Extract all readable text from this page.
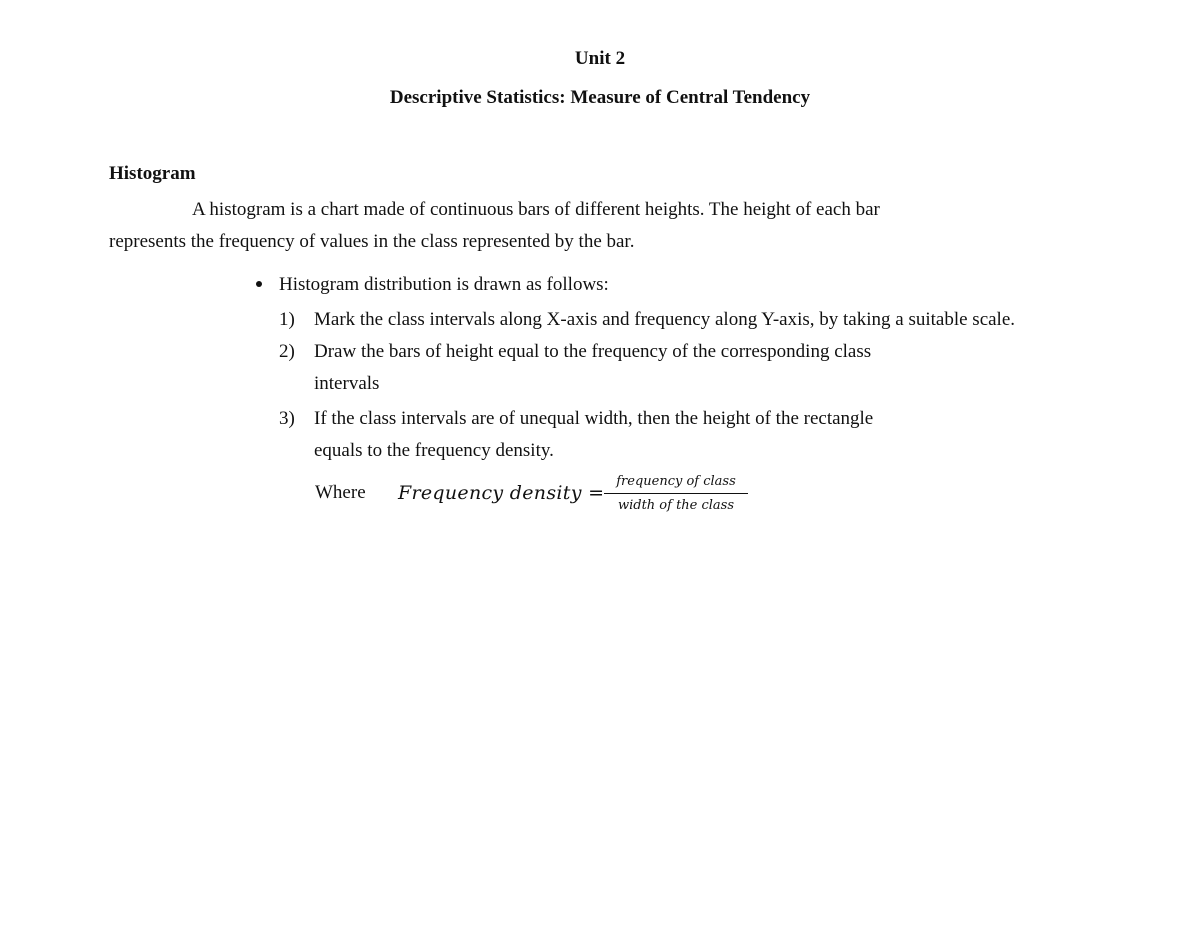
Unit 2
Descriptive Statistics: Measure of Central Tendency
Histogram
A histogram is a chart made of continuous bars of different heights. The height of each bar
represents the frequency of values in the class represented by the bar.
Histogram distribution is drawn as follows:
1) Mark the class intervals along X-axis and frequency along Y-axis, by taking a suitable scale.
2) Draw the bars of height equal to the frequency of the corresponding class
intervals
3) If the class intervals are of unequal width, then the height of the rectangle
equals to the frequency density.
Where Frequency density =
frequency of class
width of the class
